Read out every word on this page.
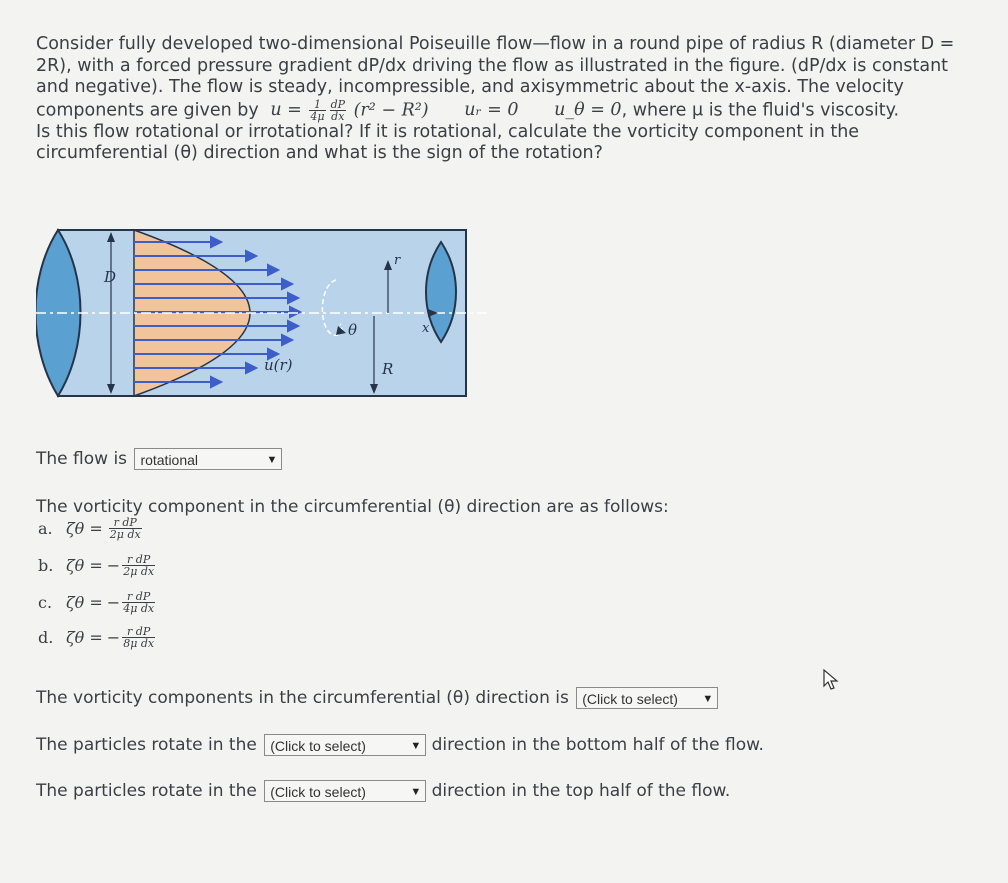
Consider fully developed two-dimensional Poiseuille flow—flow in a round pipe of radius R (diameter D =

2R), with a forced pressure gradient dP/dx driving the flow as illustrated in the figure. (dP/dx is constant

and negative). The flow is steady, incompressible, and axisymmetric about the x-axis. The velocity

components are given by $u = \frac{1}{4\mu} \frac{dP}{dx} (r^2 - R^2)$ uᵣ = 0 u_θ = 0, where μ is the fluid's viscosity.

Is this flow rotational or irrotational? If it is rotational, calculate the vorticity component in the

circumferential (θ) direction and what is the sign of the rotation?

D
θ
r
x
R
u(r)
The flow is rotational	▼
The vorticity component in the circumferential (θ) direction are as follows:
a. $\zeta\theta = \frac{\text{r dP}}{\text{2μ dx}}$
b. ζθ = − $\frac{\text{r dP}}{\text{2μ dx}}$
c. ζθ = − $\frac{\text{r dP}}{\text{4μ dx}}$
d. ζθ = − $\frac{\text{r dP}}{\text{8μ dx}}$
The vorticity components in the circumferential (θ) direction is (Click to select) ▼
The particles rotate in the (Click to select)	▼ direction in the bottom half of the flow.
The particles rotate in the (Click to select)	▼ direction in the top half of the flow.
